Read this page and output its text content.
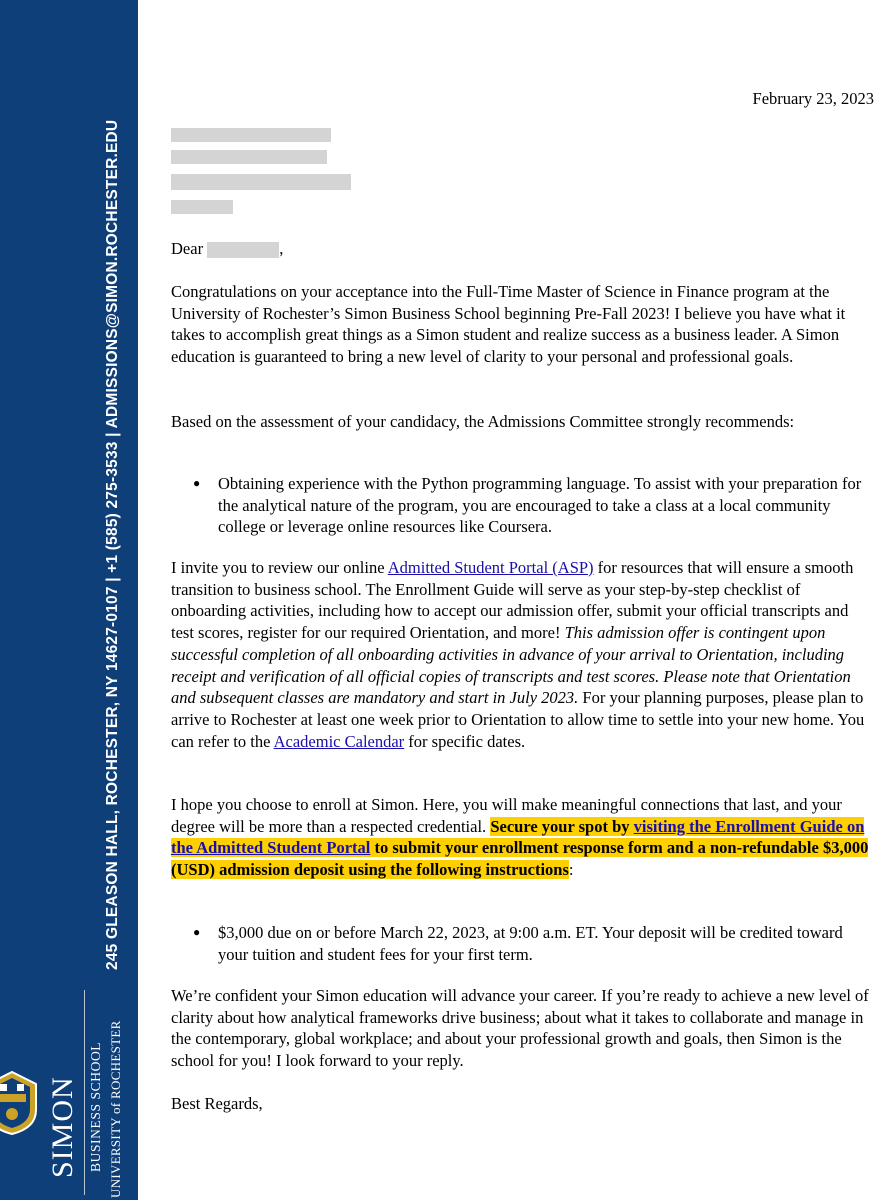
245 GLEASON HALL, ROCHESTER, NY 14627-0107 | +1 (585) 275-3533 | ADMISSIONS@SIMON.ROCHESTER.EDU
SIMON BUSINESS SCHOOL UNIVERSITY of ROCHESTER
February 23, 2023
Dear	,

Congratulations on your acceptance into the Full-Time Master of Science in Finance program at the University of Rochester’s Simon Business School beginning Pre-Fall 2023! I believe you have what it takes to accomplish great things as a Simon student and realize success as a business leader. A Simon education is guaranteed to bring a new level of clarity to your personal and professional goals.

Based on the assessment of your candidacy, the Admissions Committee strongly recommends:

● Obtaining experience with the Python programming language. To assist with your preparation for the analytical nature of the program, you are encouraged to take a class at a local community college or leverage online resources like Coursera.

I invite you to review our online Admitted Student Portal (ASP) for resources that will ensure a smooth transition to business school. The Enrollment Guide will serve as your step-by-step checklist of onboarding activities, including how to accept our admission offer, submit your official transcripts and test scores, register for our required Orientation, and more! This admission offer is contingent upon successful completion of all onboarding activities in advance of your arrival to Orientation, including receipt and verification of all official copies of transcripts and test scores. Please note that Orientation and subsequent classes are mandatory and start in July 2023. For your planning purposes, please plan to arrive to Rochester at least one week prior to Orientation to allow time to settle into your new home. You can refer to the Academic Calendar for specific dates.

I hope you choose to enroll at Simon. Here, you will make meaningful connections that last, and your degree will be more than a respected credential. Secure your spot by visiting the Enrollment Guide on the Admitted Student Portal to submit your enrollment response form and a non-refundable $3,000 (USD) admission deposit using the following instructions:

● $3,000 due on or before March 22, 2023, at 9:00 a.m. ET. Your deposit will be credited toward your tuition and student fees for your first term.

We’re confident your Simon education will advance your career. If you’re ready to achieve a new level of clarity about how analytical frameworks drive business; about what it takes to collaborate and manage in the contemporary, global workplace; and about your professional growth and goals, then Simon is the school for you! I look forward to your reply.

Best Regards,
